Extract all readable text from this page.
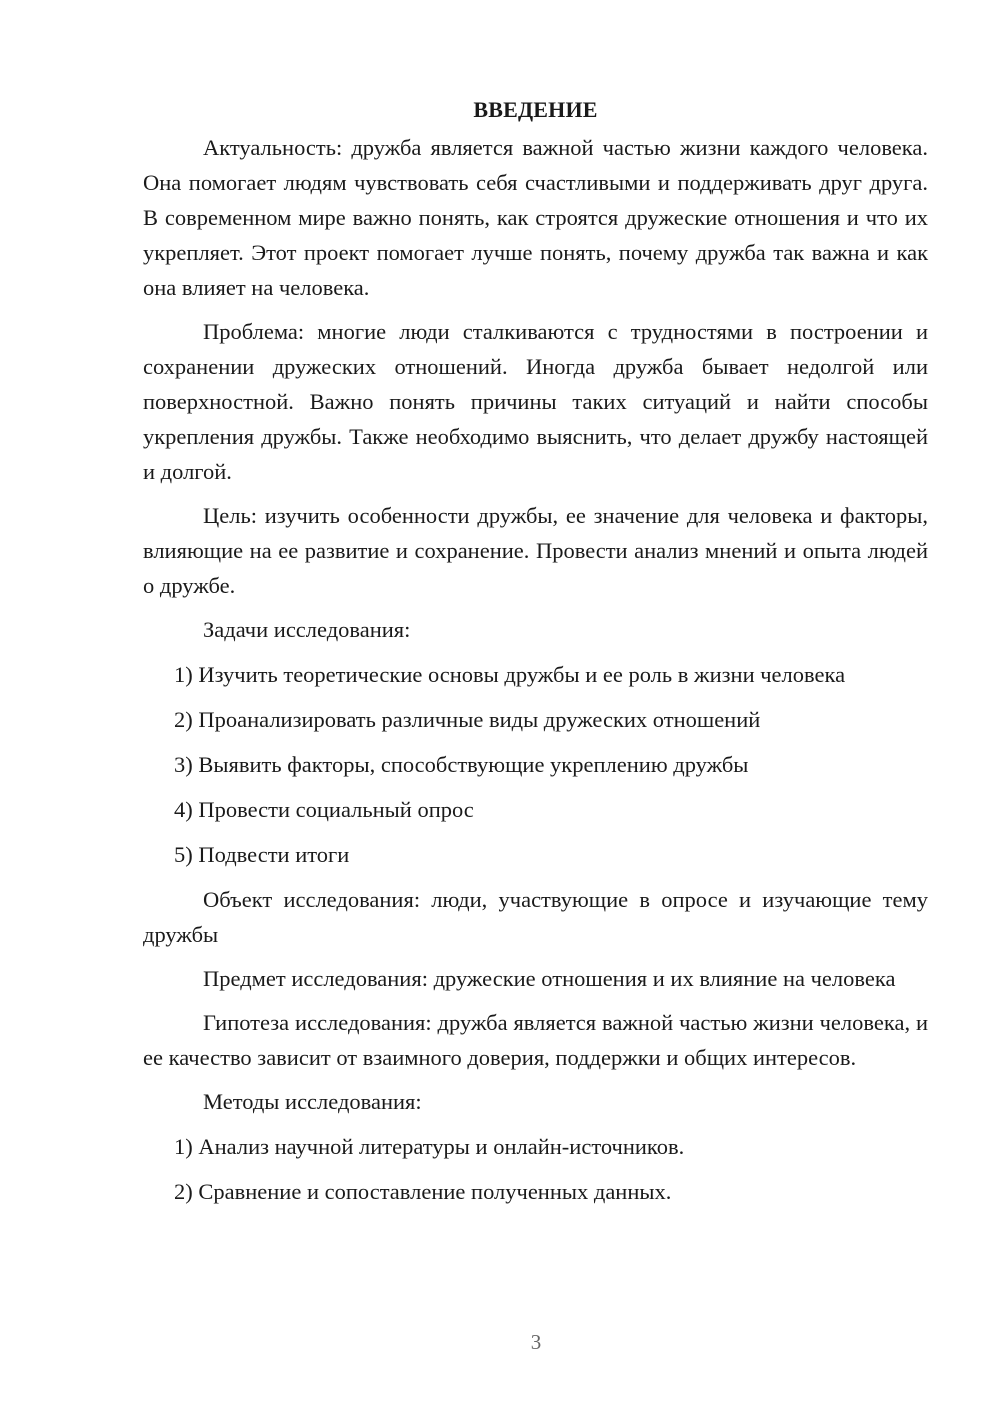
ВВЕДЕНИЕ

Актуальность: дружба является важной частью жизни каждого человека. Она помогает людям чувствовать себя счастливыми и поддерживать друг друга. В современном мире важно понять, как строятся дружеские отношения и что их укрепляет. Этот проект помогает лучше понять, почему дружба так важна и как она влияет на человека.

Проблема: многие люди сталкиваются с трудностями в построении и сохранении дружеских отношений. Иногда дружба бывает недолгой или поверхностной. Важно понять причины таких ситуаций и найти способы укрепления дружбы. Также необходимо выяснить, что делает дружбу настоящей и долгой.

Цель: изучить особенности дружбы, ее значение для человека и факторы, влияющие на ее развитие и сохранение. Провести анализ мнений и опыта людей о дружбе.

Задачи исследования:

1) Изучить теоретические основы дружбы и ее роль в жизни человека

2) Проанализировать различные виды дружеских отношений

3) Выявить факторы, способствующие укреплению дружбы

4) Провести социальный опрос

5) Подвести итоги

Объект исследования: люди, участвующие в опросе и изучающие тему дружбы

Предмет исследования: дружеские отношения и их влияние на человека

Гипотеза исследования: дружба является важной частью жизни человека, и ее качество зависит от взаимного доверия, поддержки и общих интересов.

Методы исследования:

1) Анализ научной литературы и онлайн-источников.

2) Сравнение и сопоставление полученных данных.

3
